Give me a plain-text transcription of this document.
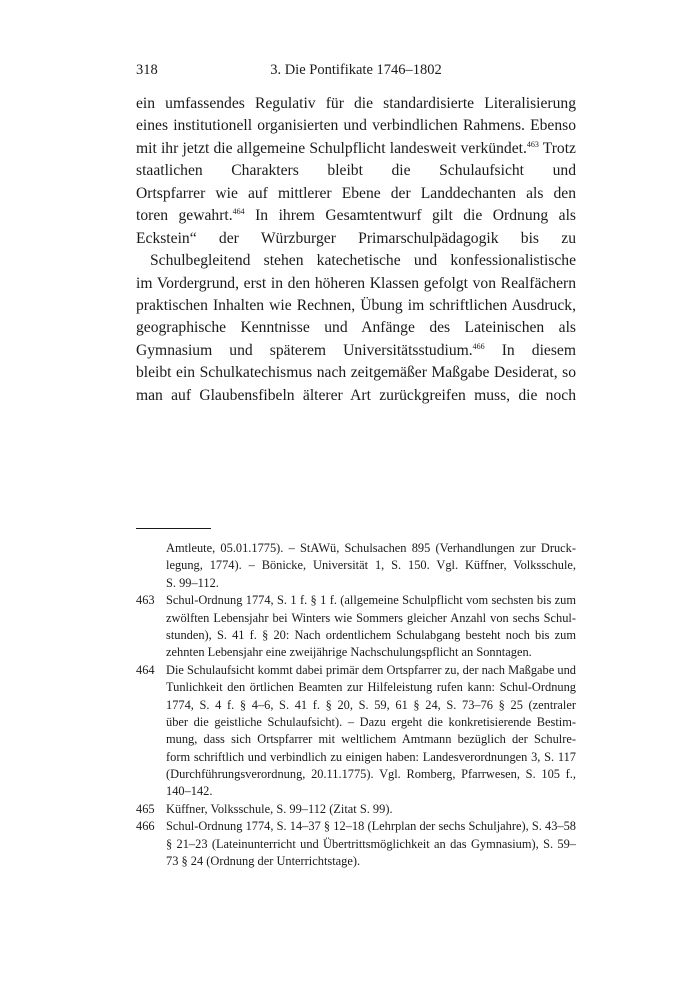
318	3. Die Pontifikate 1746–1802
ein umfassendes Regulativ für die standardisierte Literalisierung
eines institutionell organisierten und verbindlichen Rahmens. Ebenso
mit ihr jetzt die allgemeine Schulpflicht landesweit verkündet.$^{463}$ Trotz
staatlichen Charakters bleibt die Schulaufsicht und
Ortspfarrer wie auf mittlerer Ebene der Landdechanten als den
toren gewahrt.$^{464}$ In ihrem Gesamtentwurf gilt die Ordnung als
Eckstein“ der Würzburger Primarschulpädagogik bis zu
Schulbegleitend stehen katechetische und konfessionalistische
im Vordergrund, erst in den höheren Klassen gefolgt von Realfächern
praktischen Inhalten wie Rechnen, Übung im schriftlichen Ausdruck,
geographische Kenntnisse und Anfänge des Lateinischen als
Gymnasium und späterem Universitätsstudium.$^{466}$ In diesem
bleibt ein Schulkatechismus nach zeitgemäßer Maßgabe Desiderat, so
man auf Glaubensfibeln älterer Art zurückgreifen muss, die noch
Amtleute, 05.01.1775). – StAWü, Schulsachen 895 (Verhandlungen zur Druck-
legung, 1774). – Bönicke, Universität 1, S. 150. Vgl. Küffner, Volksschule,
S. 99–112.
463 Schul-Ordnung 1774, S. 1 f. § 1 f. (allgemeine Schulpflicht vom sechsten bis zum
zwölften Lebensjahr bei Winters wie Sommers gleicher Anzahl von sechs Schul-
stunden), S. 41 f. § 20: Nach ordentlichem Schulabgang besteht noch bis zum
zehnten Lebensjahr eine zweijährige Nachschulungspflicht an Sonntagen.
464 Die Schulaufsicht kommt dabei primär dem Ortspfarrer zu, der nach Maßgabe und
Tunlichkeit den örtlichen Beamten zur Hilfeleistung rufen kann: Schul-Ordnung
1774, S. 4 f. § 4–6, S. 41 f. § 20, S. 59, 61 § 24, S. 73–76 § 25 (zentraler
über die geistliche Schulaufsicht). – Dazu ergeht die konkretisierende Bestim-
mung, dass sich Ortspfarrer mit weltlichem Amtmann bezüglich der Schulre-
form schriftlich und verbindlich zu einigen haben: Landesverordnungen 3, S. 117
(Durchführungsverordnung, 20.11.1775). Vgl. Romberg, Pfarrwesen, S. 105 f.,
140–142.
465 Küffner, Volksschule, S. 99–112 (Zitat S. 99).
466 Schul-Ordnung 1774, S. 14–37 § 12–18 (Lehrplan der sechs Schuljahre), S. 43–58
§ 21–23 (Lateinunterricht und Übertrittsmöglichkeit an das Gymnasium), S. 59–
73 § 24 (Ordnung der Unterrichtstage).
